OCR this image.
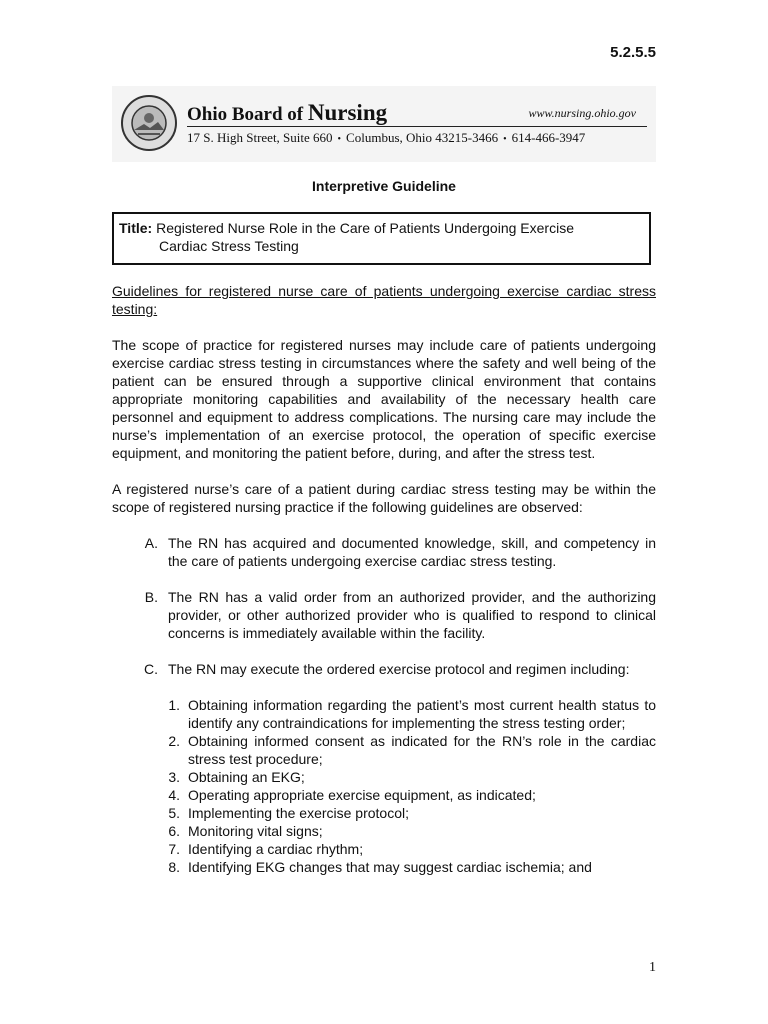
5.2.5.5
Ohio Board of Nursing	www.nursing.ohio.gov
17 S. High Street, Suite 660 • Columbus, Ohio 43215-3466 • 614-466-3947
Interpretive Guideline
Title: Registered Nurse Role in the Care of Patients Undergoing Exercise
Cardiac Stress Testing

Guidelines for registered nurse care of patients undergoing exercise cardiac stress testing:

The scope of practice for registered nurses may include care of patients undergoing exercise cardiac stress testing in circumstances where the safety and well being of the patient can be ensured through a supportive clinical environment that contains appropriate monitoring capabilities and availability of the necessary health care personnel and equipment to address complications. The nursing care may include the nurse’s implementation of an exercise protocol, the operation of specific exercise equipment, and monitoring the patient before, during, and after the stress test.

A registered nurse’s care of a patient during cardiac stress testing may be within the scope of registered nursing practice if the following guidelines are observed:

A. The RN has acquired and documented knowledge, skill, and competency in the care of patients undergoing exercise cardiac stress testing.
B. The RN has a valid order from an authorized provider, and the authorizing provider, or other authorized provider who is qualified to respond to clinical concerns is immediately available within the facility.
C. The RN may execute the ordered exercise protocol and regimen including:
1. Obtaining information regarding the patient’s most current health status to identify any contraindications for implementing the stress testing order;
2. Obtaining informed consent as indicated for the RN’s role in the cardiac stress test procedure;
3. Obtaining an EKG;
4. Operating appropriate exercise equipment, as indicated;
5. Implementing the exercise protocol;
6. Monitoring vital signs;
7. Identifying a cardiac rhythm;
8. Identifying EKG changes that may suggest cardiac ischemia; and
1
